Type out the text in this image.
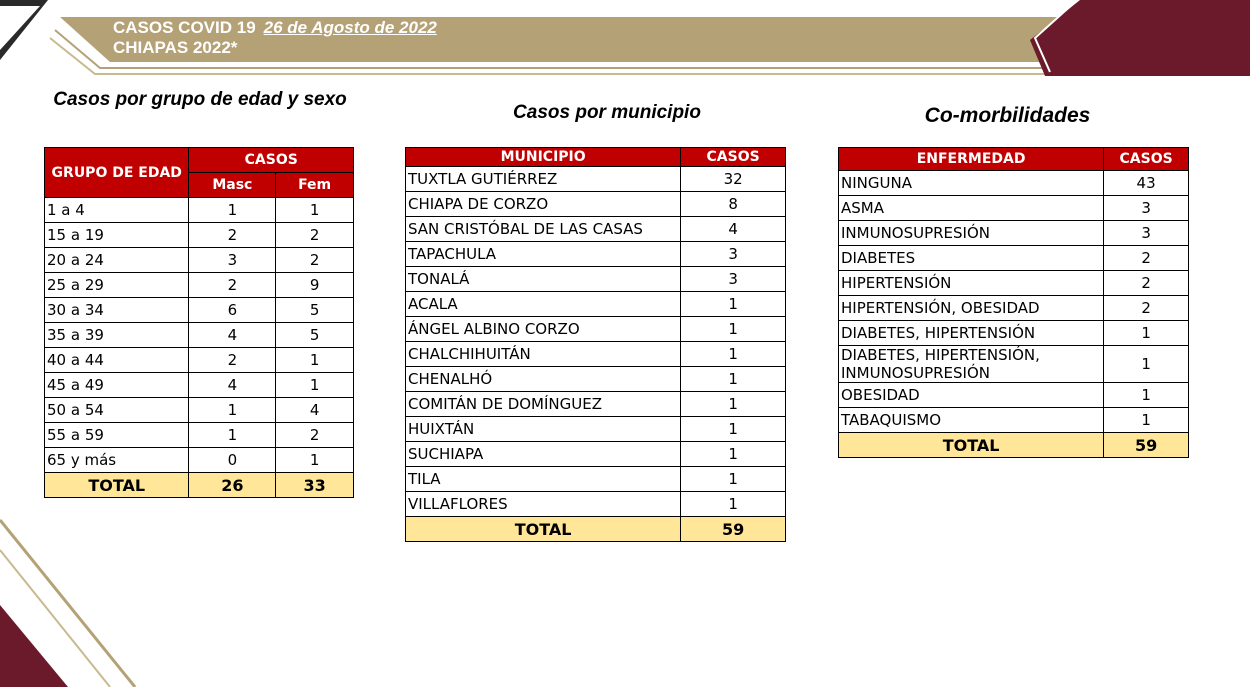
CASOS COVID 19 26 de Agosto de 2022
CHIAPAS 2022*
Casos por grupo de edad y sexo
Casos por municipio	Co-morbilidades
GRUPO DE EDAD	CASOS	
	Masc	Fem
1 a 4	1	1
15 a 19	2	2
20 a 24	3	2
25 a 29	2	9
30 a 34	6	5
35 a 39	4	5
40 a 44	2	1
45 a 49	4	1
50 a 54	1	4
55 a 59	1	2
65 y más	0	1
TOTAL	26	33
MUNICIPIO	CASOS
TUXTLA GUTIÉRREZ	32
CHIAPA DE CORZO	8
SAN CRISTÓBAL DE LAS CASAS	4
TAPACHULA	3
TONALÁ	3
ACALA	1
ÁNGEL ALBINO CORZO	1
CHALCHIHUITÁN	1
CHENALHÓ	1
COMITÁN DE DOMÍNGUEZ	1
HUIXTÁN	1
SUCHIAPA	1
TILA	1
VILLAFLORES	1
TOTAL	59
ENFERMEDAD	CASOS
NINGUNA	43
ASMA	3
INMUNOSUPRESIÓN	3
DIABETES	2
HIPERTENSIÓN	2
HIPERTENSIÓN, OBESIDAD	2
DIABETES, HIPERTENSIÓN	1
DIABETES, HIPERTENSIÓN, INMUNOSUPRESIÓN	1
OBESIDAD	1
TABAQUISMO	1
TOTAL	59
